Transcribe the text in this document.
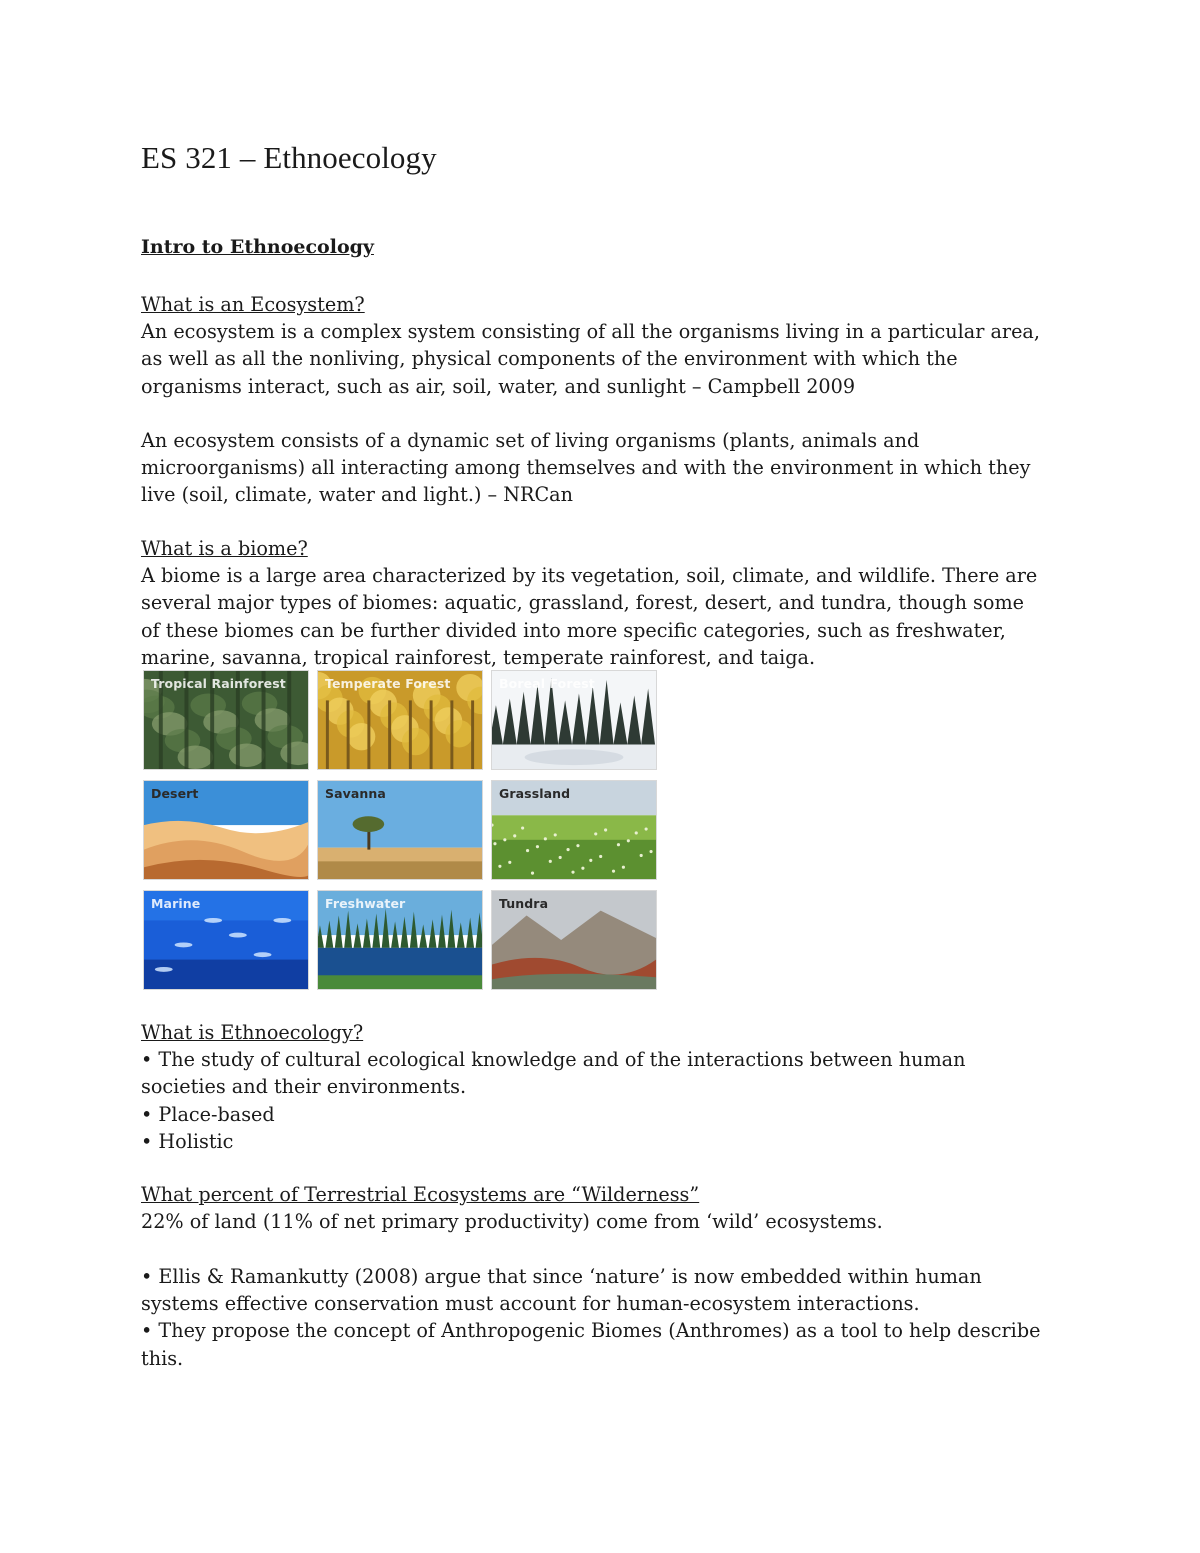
ES 321 – Ethnoecology
Intro to Ethnoecology

What is an Ecosystem?
An ecosystem is a complex system consisting of all the organisms living in a particular area, as well as all the nonliving, physical components of the environment with which the organisms interact, such as air, soil, water, and sunlight – Campbell 2009

An ecosystem consists of a dynamic set of living organisms (plants, animals and microorganisms) all interacting among themselves and with the environment in which they live (soil, climate, water and light.) – NRCan

What is a biome?
A biome is a large area characterized by its vegetation, soil, climate, and wildlife. There are several major types of biomes: aquatic, grassland, forest, desert, and tundra, though some of these biomes can be further divided into more specific categories, such as freshwater, marine, savanna, tropical rainforest, temperate rainforest, and taiga.

Tropical Rainforest	Temperate Forest	Boreal Forest
Desert	Savanna	Grassland
Marine	Freshwater	Tundra

What is Ethnoecology?
• The study of cultural ecological knowledge and of the interactions between human societies and their environments.
• Place-based
• Holistic

What percent of Terrestrial Ecosystems are “Wilderness”
22% of land (11% of net primary productivity) come from ‘wild’ ecosystems.

• Ellis & Ramankutty (2008) argue that since ‘nature’ is now embedded within human systems effective conservation must account for human-ecosystem interactions.
• They propose the concept of Anthropogenic Biomes (Anthromes) as a tool to help describe this.
